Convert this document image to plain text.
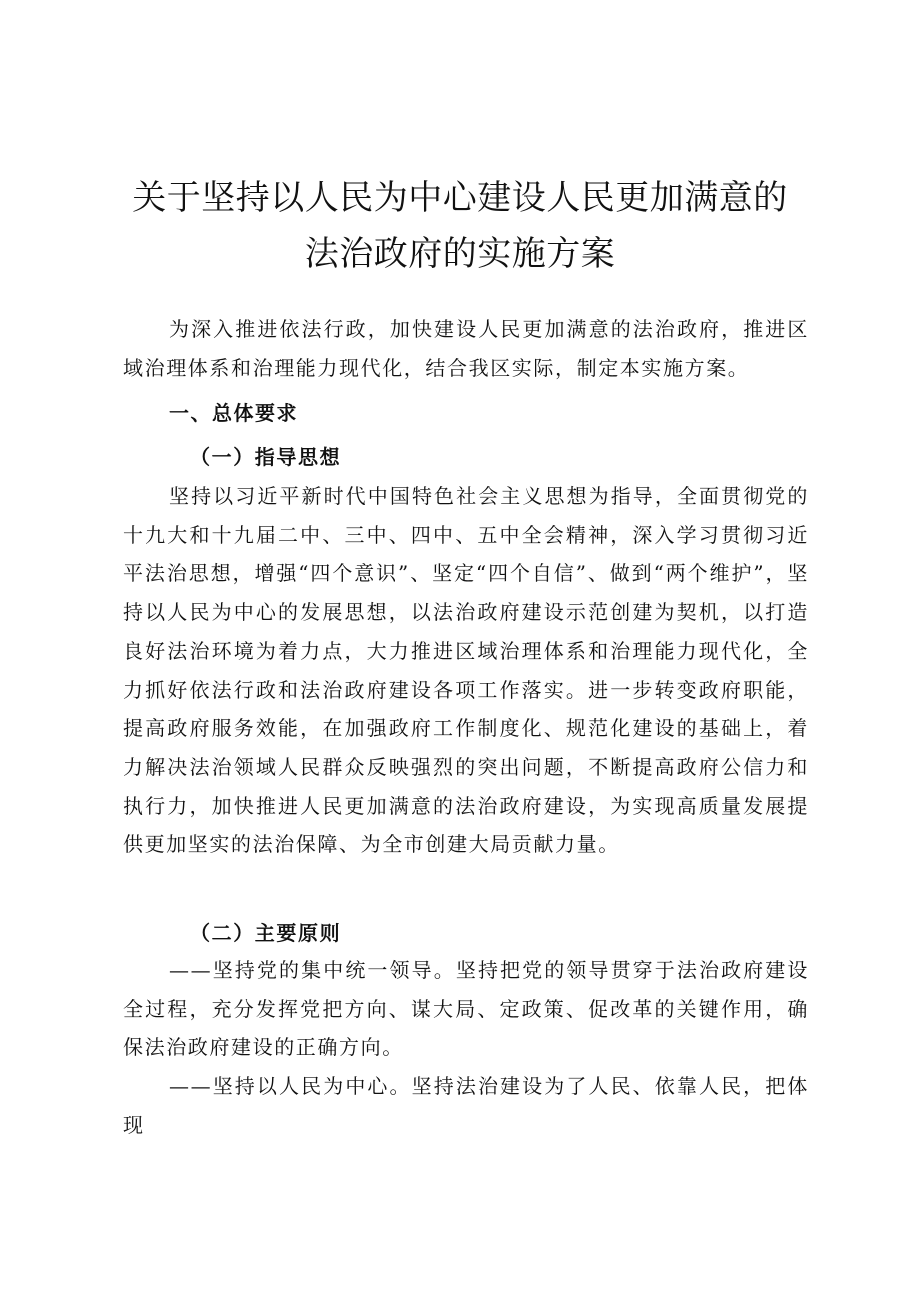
关于坚持以人民为中心建设人民更加满意的
法治政府的实施方案

为深入推进依法行政，加快建设人民更加满意的法治政府，推进区域治理体系和治理能力现代化，结合我区实际，制定本实施方案。

一、总体要求
（一）指导思想

坚持以习近平新时代中国特色社会主义思想为指导，全面贯彻党的十九大和十九届二中、三中、四中、五中全会精神，深入学习贯彻习近平法治思想，增强“四个意识”、坚定“四个自信”、做到“两个维护”，坚持以人民为中心的发展思想，以法治政府建设示范创建为契机，以打造良好法治环境为着力点，大力推进区域治理体系和治理能力现代化，全力抓好依法行政和法治政府建设各项工作落实。进一步转变政府职能，提高政府服务效能，在加强政府工作制度化、规范化建设的基础上，着力解决法治领域人民群众反映强烈的突出问题，不断提高政府公信力和执行力，加快推进人民更加满意的法治政府建设，为实现高质量发展提供更加坚实的法治保障、为全市创建大局贡献力量。

（二）主要原则

——坚持党的集中统一领导。坚持把党的领导贯穿于法治政府建设全过程，充分发挥党把方向、谋大局、定政策、促改革的关键作用，确保法治政府建设的正确方向。

——坚持以人民为中心。坚持法治建设为了人民、依靠人民，把体现
